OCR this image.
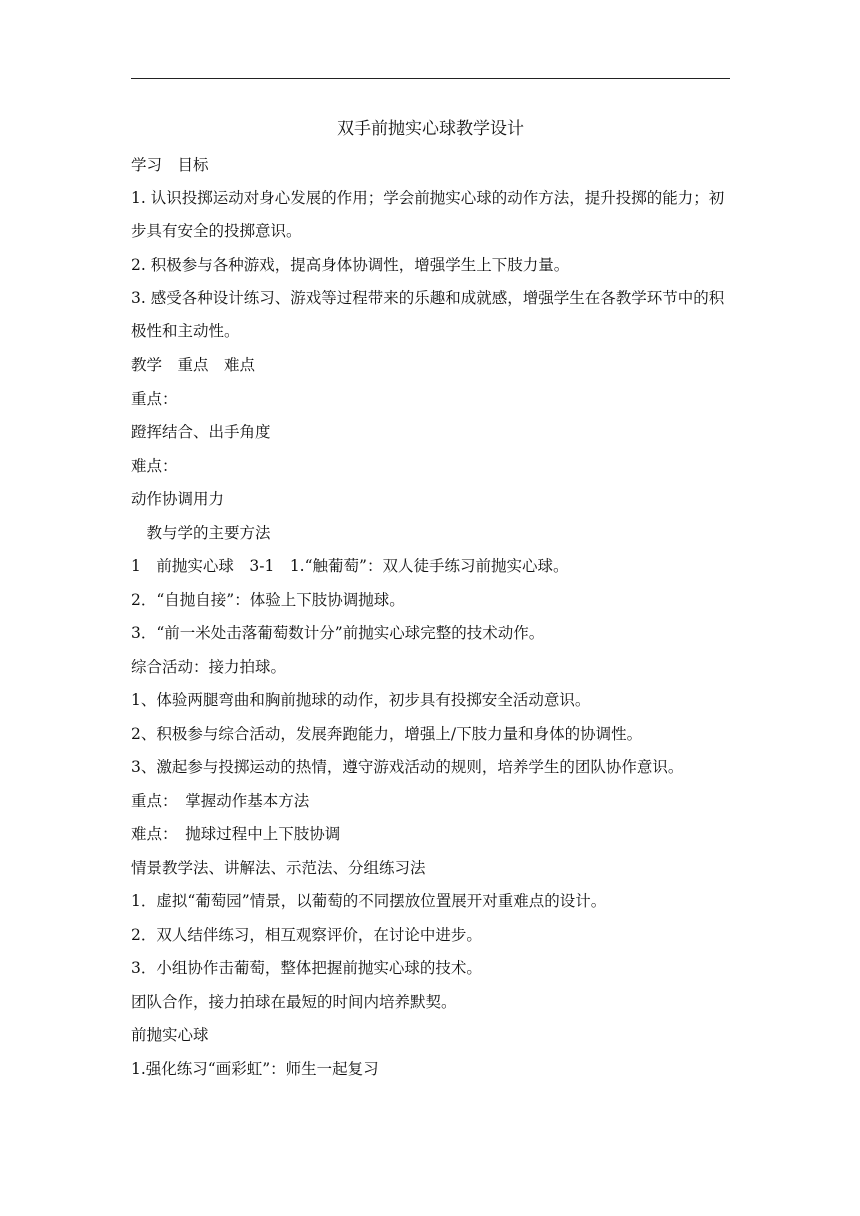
双手前抛实心球教学设计
学习　目标
1. 认识投掷运动对身心发展的作用；学会前抛实心球的动作方法，提升投掷的能力；初步具有安全的投掷意识。
2. 积极参与各种游戏，提高身体协调性，增强学生上下肢力量。
3. 感受各种设计练习、游戏等过程带来的乐趣和成就感，增强学生在各教学环节中的积极性和主动性。
教学　重点　难点
重点：
蹬挥结合、出手角度
难点：
动作协调用力
　教与学的主要方法
1　前抛实心球　3-1　1.“触葡萄”：双人徒手练习前抛实心球。
2．“自抛自接”：体验上下肢协调抛球。
3．“前一米处击落葡萄数计分”前抛实心球完整的技术动作。
综合活动：接力拍球。
1、体验两腿弯曲和胸前抛球的动作，初步具有投掷安全活动意识。
2、积极参与综合活动，发展奔跑能力，增强上/下肢力量和身体的协调性。
3、激起参与投掷运动的热情，遵守游戏活动的规则，培养学生的团队协作意识。
重点：　掌握动作基本方法
难点：　抛球过程中上下肢协调
情景教学法、讲解法、示范法、分组练习法
1．虚拟“葡萄园”情景，以葡萄的不同摆放位置展开对重难点的设计。
2．双人结伴练习，相互观察评价，在讨论中进步。
3．小组协作击葡萄，整体把握前抛实心球的技术。
团队合作，接力拍球在最短的时间内培养默契。
前抛实心球
1.强化练习“画彩虹”：师生一起复习
